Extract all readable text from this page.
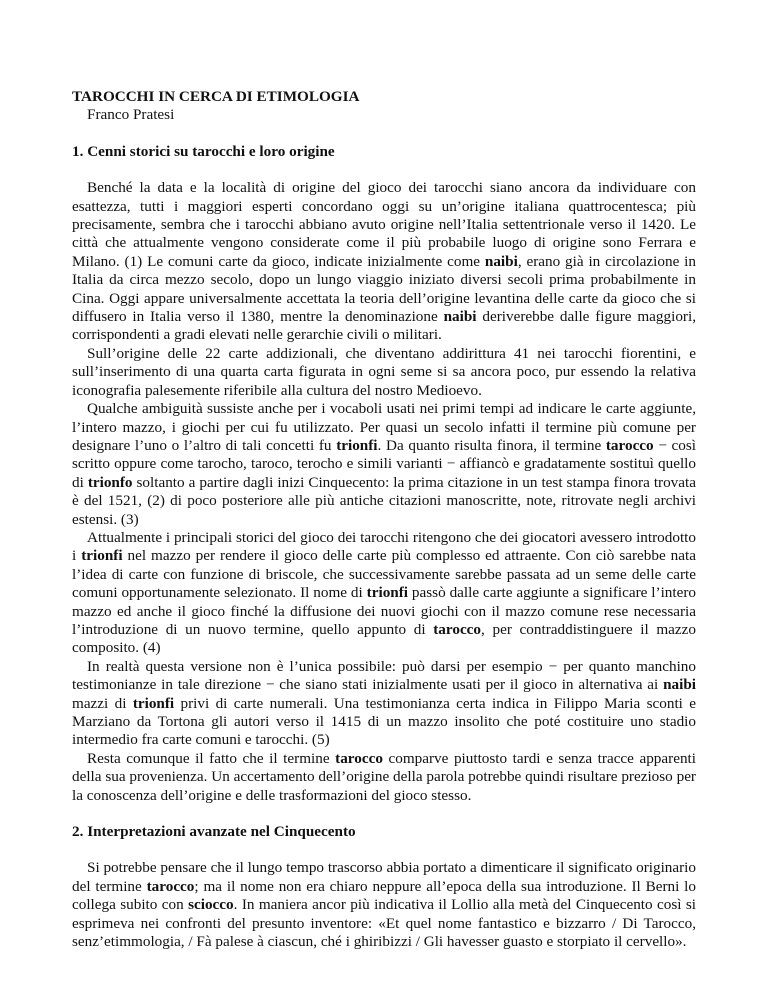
TAROCCHI IN CERCA DI ETIMOLOGIA

Franco Pratesi

1. Cenni storici su tarocchi e loro origine

Benché la data e la località di origine del gioco dei tarocchi siano ancora da individuare con esattezza, tutti i maggiori esperti concordano oggi su un’origine italiana quattrocentesca; più precisamente, sembra che i tarocchi abbiano avuto origine nell’Italia settentrionale verso il 1420. Le città che attualmente vengono considerate come il più probabile luogo di origine sono Ferrara e Milano. (1) Le comuni carte da gioco, indicate inizialmente come naibi, erano già in circolazione in Italia da circa mezzo secolo, dopo un lungo viaggio iniziato diversi secoli prima probabilmente in Cina. Oggi appare universalmente accettata la teoria dell’origine levantina delle carte da gioco che si diffusero in Italia verso il 1380, mentre la denominazione naibi deriverebbe dalle figure maggiori, corrispondenti a gradi elevati nelle gerarchie civili o militari.

Sull’origine delle 22 carte addizionali, che diventano addirittura 41 nei tarocchi fiorentini, e sull’inserimento di una quarta carta figurata in ogni seme si sa ancora poco, pur essendo la relativa iconografia palesemente riferibile alla cultura del nostro Medioevo.

Qualche ambiguità sussiste anche per i vocaboli usati nei primi tempi ad indicare le carte aggiunte, l’intero mazzo, i giochi per cui fu utilizzato. Per quasi un secolo infatti il termine più comune per designare l’uno o l’altro di tali concetti fu trionfi. Da quanto risulta finora, il termine tarocco − così scritto oppure come tarocho, taroco, terocho e simili varianti − affiancò e gradatamente sostituì quello di trionfo soltanto a partire dagli inizi Cinquecento: la prima citazione in un test stampa finora trovata è del 1521, (2) di poco posteriore alle più antiche citazioni manoscritte, note, ritrovate negli archivi estensi. (3)

Attualmente i principali storici del gioco dei tarocchi ritengono che dei giocatori avessero introdotto i trionfi nel mazzo per rendere il gioco delle carte più complesso ed attraente. Con ciò sarebbe nata l’idea di carte con funzione di briscole, che successivamente sarebbe passata ad un seme delle carte comuni opportunamente selezionato. Il nome di trionfi passò dalle carte aggiunte a significare l’intero mazzo ed anche il gioco finché la diffusione dei nuovi giochi con il mazzo comune rese necessaria l’introduzione di un nuovo termine, quello appunto di tarocco, per contraddistinguere il mazzo composito. (4)

In realtà questa versione non è l’unica possibile: può darsi per esempio − per quanto manchino testimonianze in tale direzione − che siano stati inizialmente usati per il gioco in alternativa ai naibi mazzi di trionfi privi di carte numerali. Una testimonianza certa indica in Filippo Maria sconti e Marziano da Tortona gli autori verso il 1415 di un mazzo insolito che poté costituire uno stadio intermedio fra carte comuni e tarocchi. (5)

Resta comunque il fatto che il termine tarocco comparve piuttosto tardi e senza tracce apparenti della sua provenienza. Un accertamento dell’origine della parola potrebbe quindi risultare prezioso per la conoscenza dell’origine e delle trasformazioni del gioco stesso.

2. Interpretazioni avanzate nel Cinquecento

Si potrebbe pensare che il lungo tempo trascorso abbia portato a dimenticare il significato originario del termine tarocco; ma il nome non era chiaro neppure all’epoca della sua introduzione. Il Berni lo collega subito con sciocco. In maniera ancor più indicativa il Lollio alla metà del Cinquecento così si esprimeva nei confronti del presunto inventore: «Et quel nome fantastico e bizzarro / Di Tarocco, senz’etimmologia, / Fà palese à ciascun, ché i ghiribizzi / Gli havesser guasto e storpiato il cervello».
